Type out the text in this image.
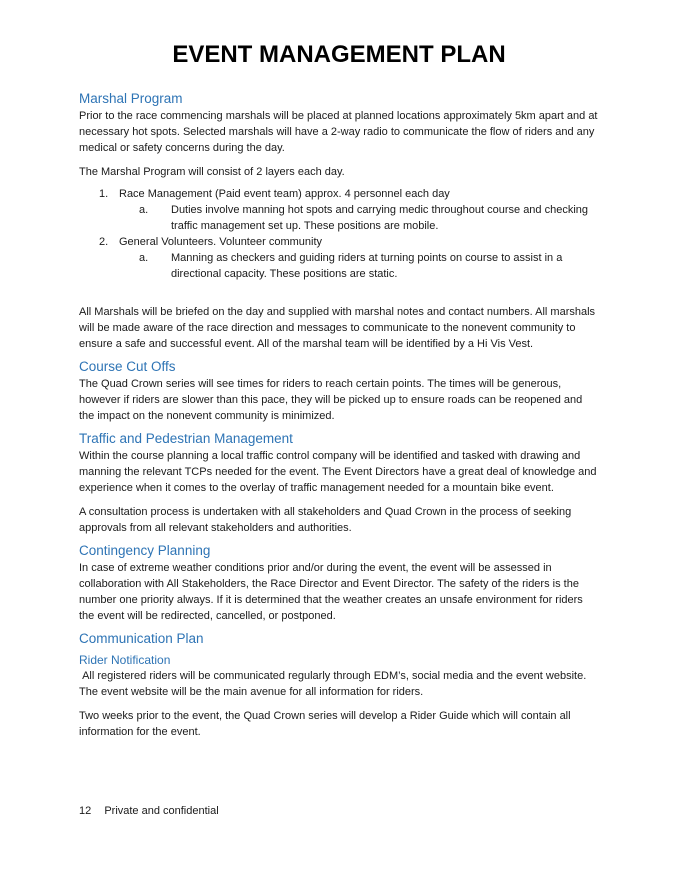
EVENT MANAGEMENT PLAN
Marshal Program

Prior to the race commencing marshals will be placed at planned locations approximately 5km apart and at necessary hot spots. Selected marshals will have a 2-way radio to communicate the flow of riders and any medical or safety concerns during the day.

The Marshal Program will consist of 2 layers each day.

1. Race Management (Paid event team) approx. 4 personnel each day
a. Duties involve manning hot spots and carrying medic throughout course and checking traffic management set up. These positions are mobile.
2. General Volunteers. Volunteer community
a. Manning as checkers and guiding riders at turning points on course to assist in a directional capacity. These positions are static.

All Marshals will be briefed on the day and supplied with marshal notes and contact numbers. All marshals will be made aware of the race direction and messages to communicate to the nonevent community to ensure a safe and successful event. All of the marshal team will be identified by a Hi Vis Vest.

Course Cut Offs

The Quad Crown series will see times for riders to reach certain points. The times will be generous, however if riders are slower than this pace, they will be picked up to ensure roads can be reopened and the impact on the nonevent community is minimized.

Traffic and Pedestrian Management

Within the course planning a local traffic control company will be identified and tasked with drawing and manning the relevant TCPs needed for the event. The Event Directors have a great deal of knowledge and experience when it comes to the overlay of traffic management needed for a mountain bike event.

A consultation process is undertaken with all stakeholders and Quad Crown in the process of seeking approvals from all relevant stakeholders and authorities.

Contingency Planning

In case of extreme weather conditions prior and/or during the event, the event will be assessed in collaboration with All Stakeholders, the Race Director and Event Director. The safety of the riders is the number one priority always. If it is determined that the weather creates an unsafe environment for riders the event will be redirected, cancelled, or postponed.

Communication Plan
Rider Notification

All registered riders will be communicated regularly through EDM’s, social media and the event website. The event website will be the main avenue for all information for riders.

Two weeks prior to the event, the Quad Crown series will develop a Rider Guide which will contain all information for the event.

12 Private and confidential
